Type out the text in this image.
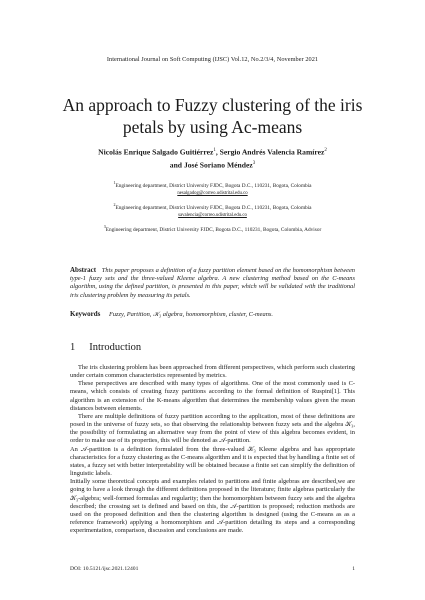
International Journal on Soft Computing (IJSC) Vol.12, No.2/3/4, November 2021
An approach to Fuzzy clustering of the iris petals by using Ac-means
Nicolás Enrique Salgado Guitiérrez$^1$, Sergio Andrés Valencia Ramírez$^2$
and José Soriano Méndez$^3$
$^1$Engineering department, District University FJDC, Bogota D.C., 110231, Bogota, Colombia
nesalgadog@correo.udistrital.edu.co
$^2$Engineering department, District University FJDC, Bogota D.C., 110231, Bogota, Colombia
savalencia@correo.udistrital.edu.co
$^3$Engineering department, District University FJDC, Bogota D.C., 110231, Bogota, Colombia, Advisor
Abstract This paper proposes a definition of a fuzzy partition element based on the homomorphism between type-1 fuzzy sets and the three-valued Kleene algebra. A new clustering method based on the C-means algorithm, using the defined partition, is presented in this paper, which will be validated with the traditional iris clustering problem by measuring its petals.
Keywords Fuzzy, Partition, 𝒦₃ algebra, homomorphism, cluster, C-means.
1 Introduction

The iris clustering problem has been approached from different perspectives, which perform such clustering under certain common characteristics represented by metrics.

These perspectives are described with many types of algorithms. One of the most commonly used is C-means, which consists of creating fuzzy partitions according to the formal definition of Ruspini[1]. This algorithm is an extension of the K-means algorithm that determines the membership values given the mean distances between elements.

There are multiple definitions of fuzzy partition according to the application, most of these definitions are posed in the universe of fuzzy sets, so that observing the relationship between fuzzy sets and the algebra 𝒦₃, the possibility of formulating an alternative way from the point of view of this algebra becomes evident, in order to make use of its properties, this will be denoted as 𝒜-partition.

An 𝒜-partition is a definition formulated from the three-valued 𝒦₃ Kleene algebra and has appropriate characteristics for a fuzzy clustering as the C-means algorithm and it is expected that by handling a finite set of states, a fuzzy set with better interpretability will be obtained because a finite set can simplify the definition of linguistic labels.

Initially some theoretical concepts and examples related to partitions and finite algebras are described,we are going to have a look through the different definitions proposed in the literature; finite algebras particularly the 𝒦₃-algebra; well-formed formulas and regularity; then the homomorphism between fuzzy sets and the algebra described; the crossing set is defined and based on this, the 𝒜-partition is proposed; reduction methods are used on the proposed definition and then the clustering algorithm is designed (using the C-means as as a reference framework) applying a homomorphism and 𝒜-partition detailing its steps and a corresponding experimentation, comparison, discussion and conclusions are made.

DOI: 10.5121/ijsc.2021.12401	1
